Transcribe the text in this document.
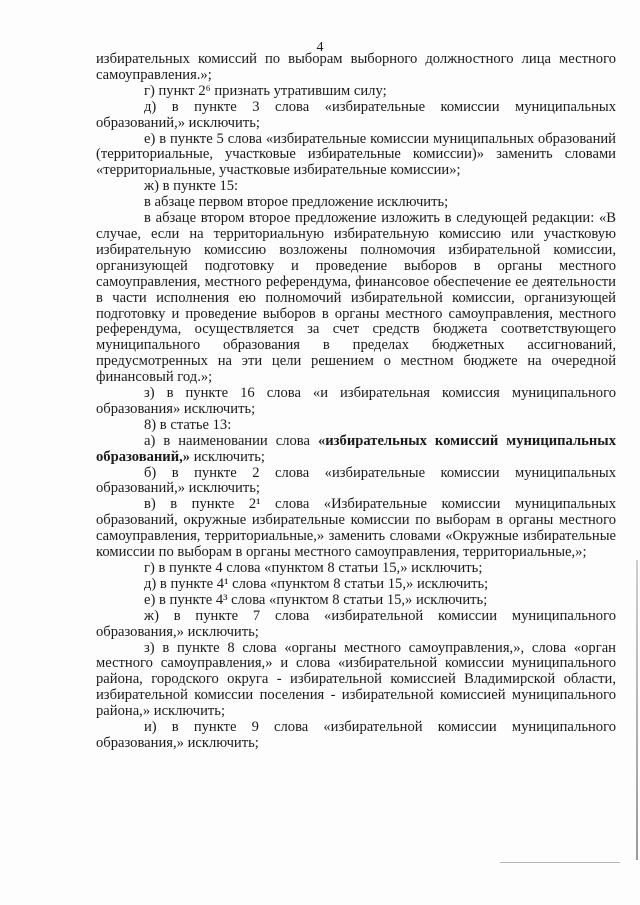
4

избирательных комиссий по выборам выборного должностного лица местного самоуправления.»;

г) пункт 2⁶ признать утратившим силу;

д) в пункте 3 слова «избирательные комиссии муниципальных образований,» исключить;

е) в пункте 5 слова «избирательные комиссии муниципальных образований (территориальные, участковые избирательные комиссии)» заменить словами «территориальные, участковые избирательные комиссии»;

ж) в пункте 15:

в абзаце первом второе предложение исключить;

в абзаце втором второе предложение изложить в следующей редакции: «В случае, если на территориальную избирательную комиссию или участковую избирательную комиссию возложены полномочия избирательной комиссии, организующей подготовку и проведение выборов в органы местного самоуправления, местного референдума, финансовое обеспечение ее деятельности в части исполнения ею полномочий избирательной комиссии, организующей подготовку и проведение выборов в органы местного самоуправления, местного референдума, осуществляется за счет средств бюджета соответствующего муниципального образования в пределах бюджетных ассигнований, предусмотренных на эти цели решением о местном бюджете на очередной финансовый год.»;

з) в пункте 16 слова «и избирательная комиссия муниципального образования» исключить;

8) в статье 13:

а) в наименовании слова «избирательных комиссий муниципальных образований,» исключить;

б) в пункте 2 слова «избирательные комиссии муниципальных образований,» исключить;

в) в пункте 2¹ слова «Избирательные комиссии муниципальных образований, окружные избирательные комиссии по выборам в органы местного самоуправления, территориальные,» заменить словами «Окружные избирательные комиссии по выборам в органы местного самоуправления, территориальные,»;

г) в пункте 4 слова «пунктом 8 статьи 15,» исключить;

д) в пункте 4¹ слова «пунктом 8 статьи 15,» исключить;

е) в пункте 4³ слова «пунктом 8 статьи 15,» исключить;

ж) в пункте 7 слова «избирательной комиссии муниципального образования,» исключить;

з) в пункте 8 слова «органы местного самоуправления,», слова «орган местного самоуправления,» и слова «избирательной комиссии муниципального района, городского округа - избирательной комиссией Владимирской области, избирательной комиссии поселения - избирательной комиссией муниципального района,» исключить;

и) в пункте 9 слова «избирательной комиссии муниципального образования,» исключить;
